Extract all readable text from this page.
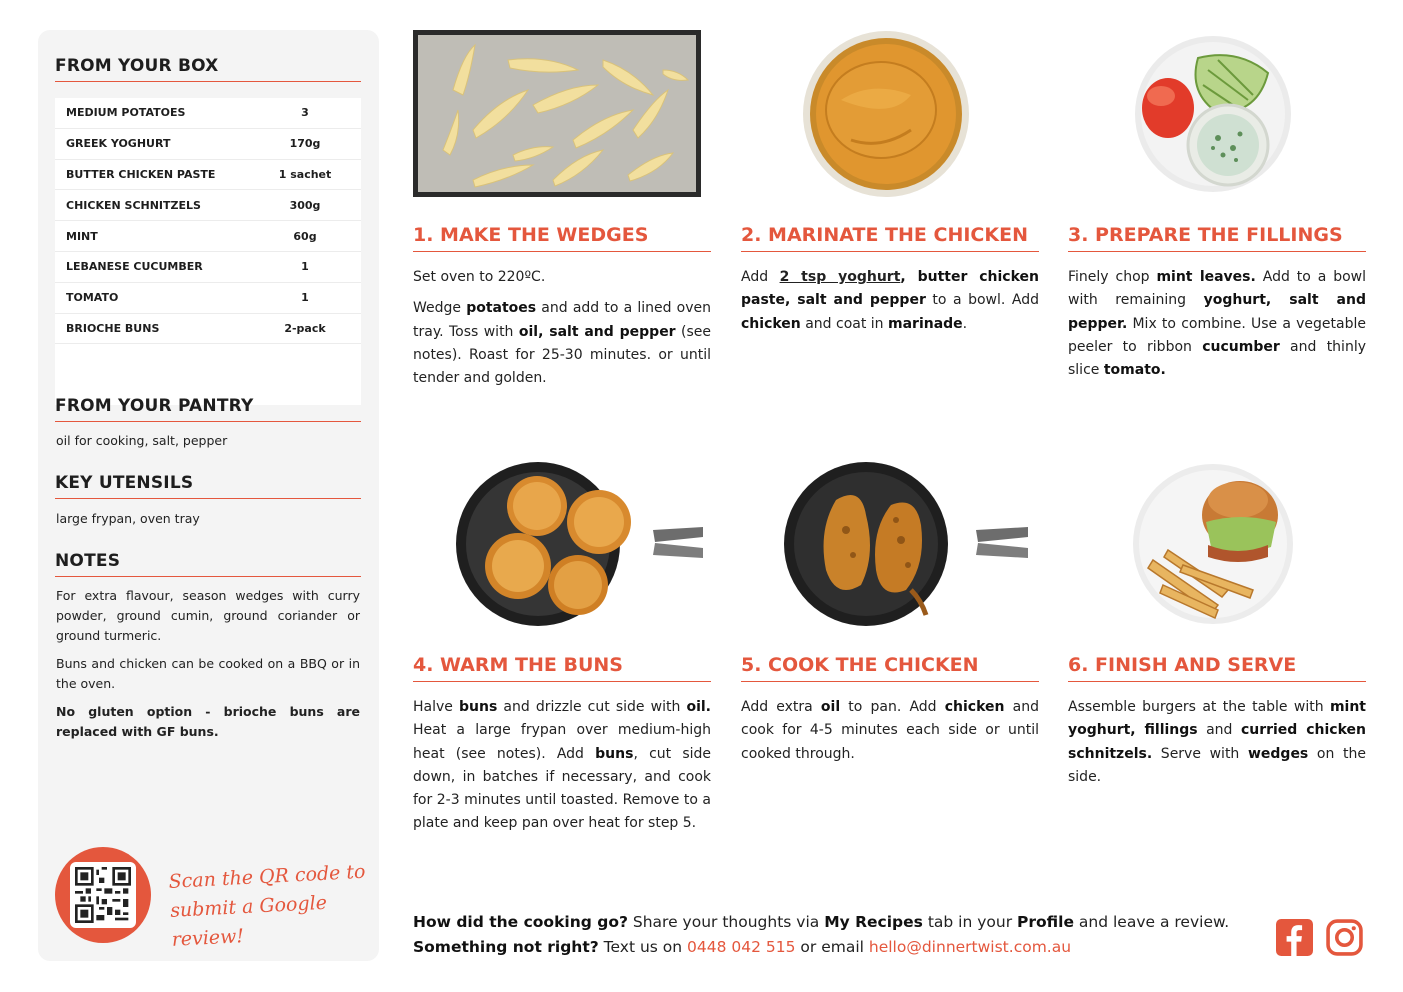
FROM YOUR BOX
MEDIUM POTATOES	3
GREEK YOGHURT	170g
BUTTER CHICKEN PASTE	1 sachet
CHICKEN SCHNITZELS	300g
MINT	60g
LEBANESE CUCUMBER	1
TOMATO	1
BRIOCHE BUNS	2-pack
FROM YOUR PANTRY
oil for cooking, salt, pepper
KEY UTENSILS
large frypan, oven tray
NOTES

For extra flavour, season wedges with curry powder, ground cumin, ground coriander or ground turmeric.

Buns and chicken can be cooked on a BBQ or in the oven.

No gluten option - brioche buns are replaced with GF buns.

Scan the QR code to
submit a Google review!
1. MAKE THE WEDGES	2. MARINATE THE CHICKEN	3. PREPARE THE FILLINGS
4. WARM THE BUNS	5. COOK THE CHICKEN	6. FINISH AND SERVE

Set oven to 220ºC.

Wedge potatoes and add to a lined oven tray. Toss with oil, salt and pepper (see notes). Roast for 25-30 minutes. or until tender and golden.

Add 2 tsp yoghurt, butter chicken paste, salt and pepper to a bowl. Add chicken and coat in marinade.

Finely chop mint leaves. Add to a bowl with remaining yoghurt, salt and pepper. Mix to combine. Use a vegetable peeler to ribbon cucumber and thinly slice tomato.

Halve buns and drizzle cut side with oil. Heat a large frypan over medium-high heat (see notes). Add buns, cut side down, in batches if necessary, and cook for 2-3 minutes until toasted. Remove to a plate and keep pan over heat for step 5.

Add extra oil to pan. Add chicken and cook for 4-5 minutes each side or until cooked through.

Assemble burgers at the table with mint yoghurt, fillings and curried chicken schnitzels. Serve with wedges on the side.

How did the cooking go? Share your thoughts via My Recipes tab in your Profile and leave a review.
Something not right? Text us on 0448 042 515 or email hello@dinnertwist.com.au
